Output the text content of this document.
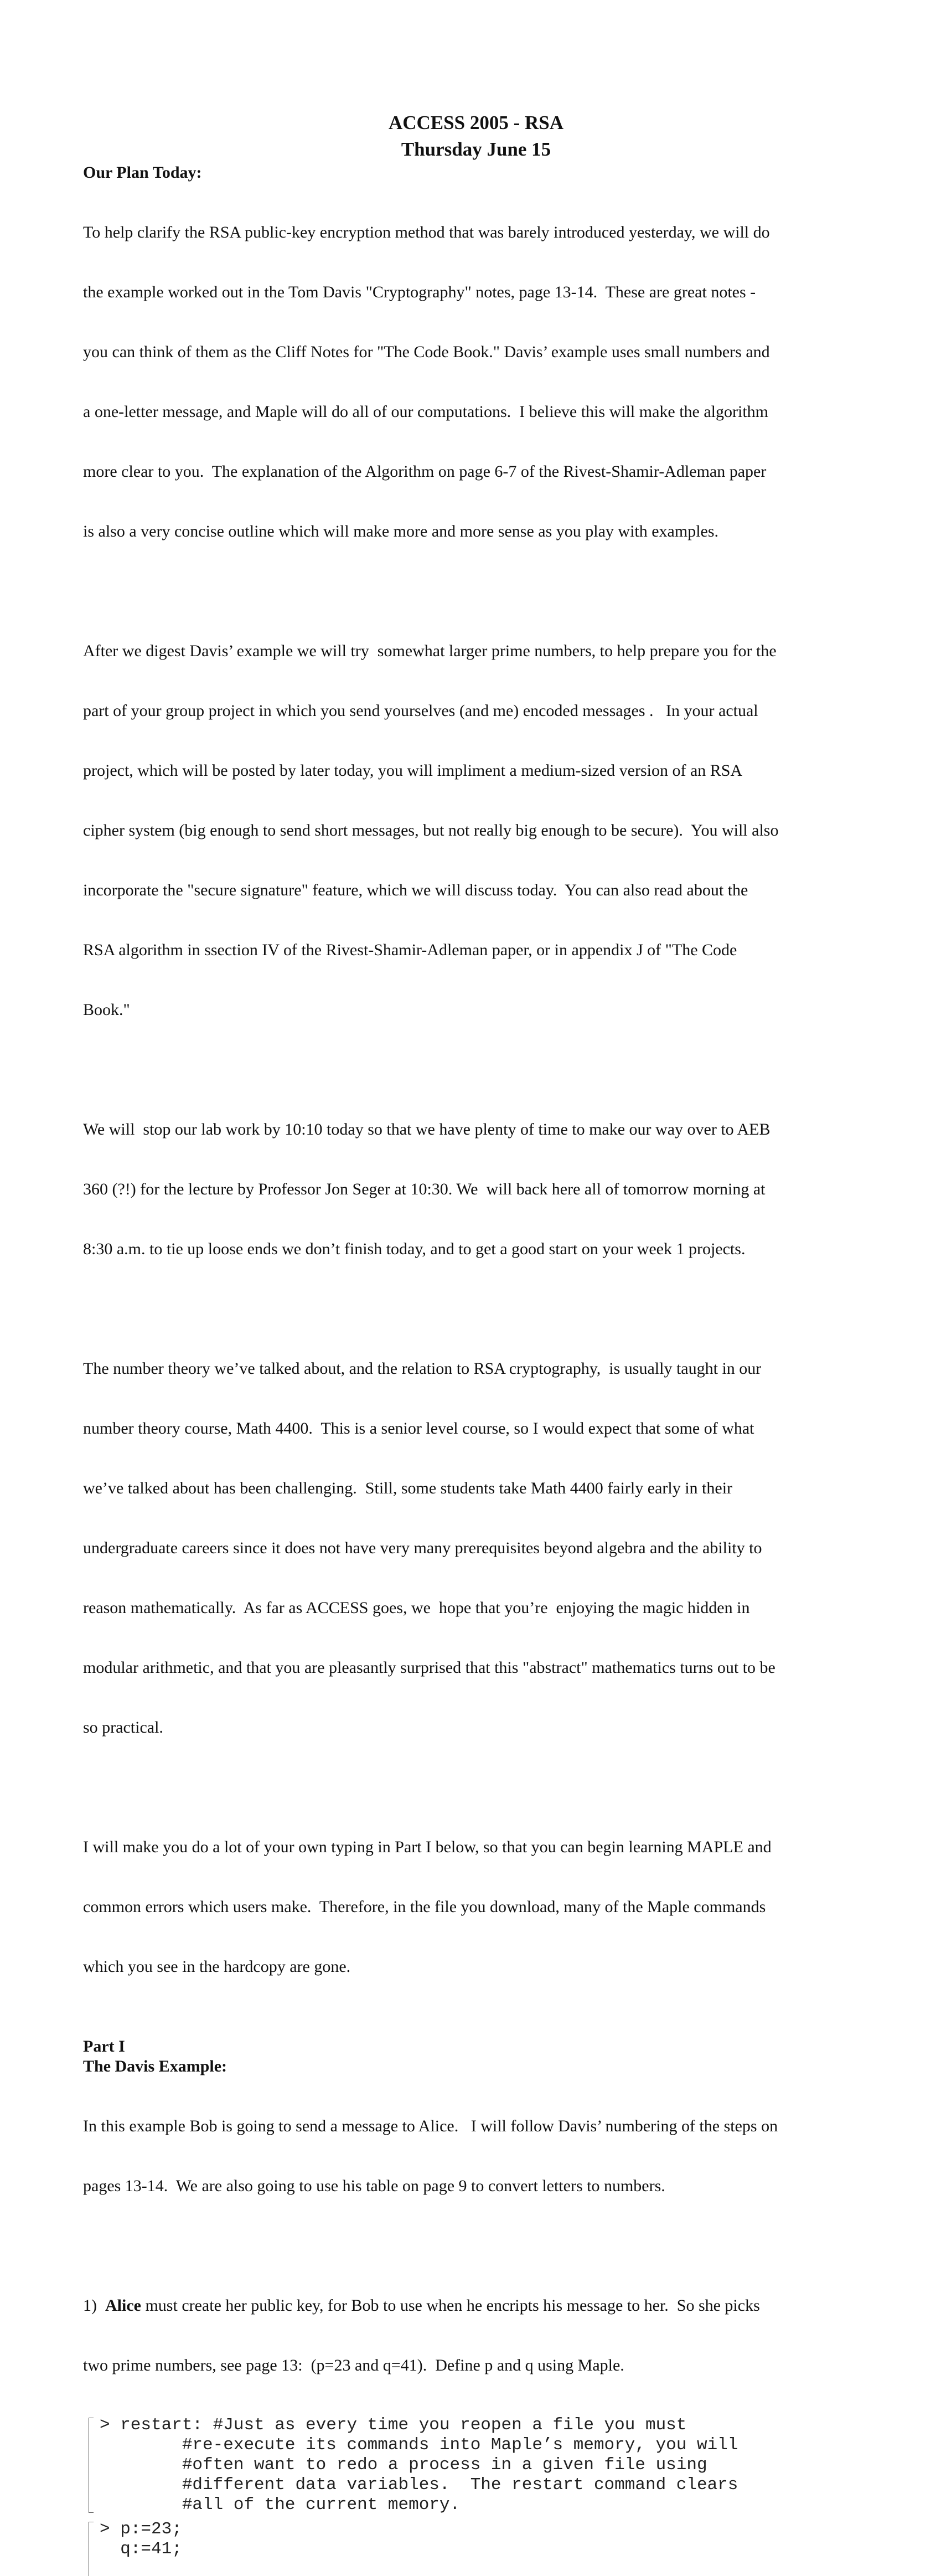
ACCESS 2005 - RSA
Thursday June 15
Our Plan Today:

To help clarify the RSA public-key encryption method that was barely introduced yesterday, we will do

the example worked out in the Tom Davis "Cryptography" notes, page 13-14.  These are great notes -

you can think of them as the Cliff Notes for "The Code Book." Davis’ example uses small numbers and

a one-letter message, and Maple will do all of our computations.  I believe this will make the algorithm

more clear to you.  The explanation of the Algorithm on page 6-7 of the Rivest-Shamir-Adleman paper

is also a very concise outline which will make more and more sense as you play with examples.

After we digest Davis’ example we will try  somewhat larger prime numbers, to help prepare you for the

part of your group project in which you send yourselves (and me) encoded messages .   In your actual

project, which will be posted by later today, you will impliment a medium-sized version of an RSA

cipher system (big enough to send short messages, but not really big enough to be secure).  You will also

incorporate the "secure signature" feature, which we will discuss today.  You can also read about the

RSA algorithm in ssection IV of the Rivest-Shamir-Adleman paper, or in appendix J of "The Code

Book."

We will  stop our lab work by 10:10 today so that we have plenty of time to make our way over to AEB

360 (?!) for the lecture by Professor Jon Seger at 10:30. We  will back here all of tomorrow morning at

8:30 a.m. to tie up loose ends we don’t finish today, and to get a good start on your week 1 projects.

The number theory we’ve talked about, and the relation to RSA cryptography,  is usually taught in our

number theory course, Math 4400.  This is a senior level course, so I would expect that some of what

we’ve talked about has been challenging.  Still, some students take Math 4400 fairly early in their

undergraduate careers since it does not have very many prerequisites beyond algebra and the ability to

reason mathematically.  As far as ACCESS goes, we  hope that you’re  enjoying the magic hidden in

modular arithmetic, and that you are pleasantly surprised that this "abstract" mathematics turns out to be

so practical.

I will make you do a lot of your own typing in Part I below, so that you can begin learning MAPLE and

common errors which users make.  Therefore, in the file you download, many of the Maple commands

which you see in the hardcopy are gone.

Part I
The Davis Example:

In this example Bob is going to send a message to Alice.   I will follow Davis’ numbering of the steps on

pages 13-14.  We are also going to use his table on page 9 to convert letters to numbers.

1)  Alice must create her public key, for Bob to use when he encripts his message to her.  So she picks

two prime numbers, see page 13:  (p=23 and q=41).  Define p and q using Maple.

> restart: #Just as every time you reopen a file you must
#re-execute its commands into Maple’s memory, you will
#often want to redo a process in a given file using
#different data variables.  The restart command clears
#all of the current memory.
> p:=23;
q:=41;
